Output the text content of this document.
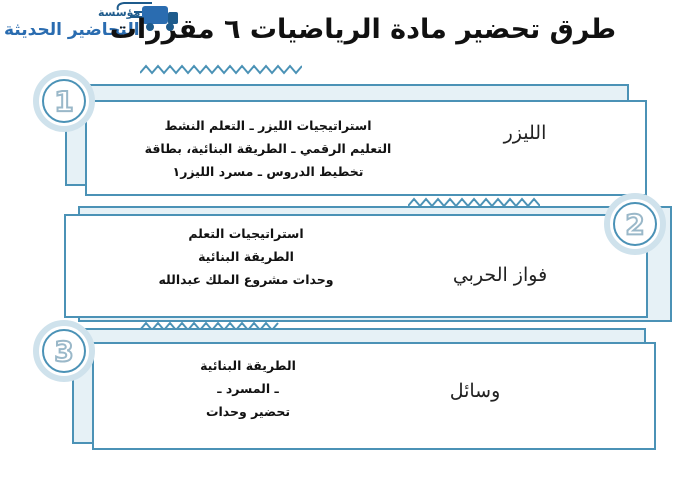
مؤسسة
التحاضير الحديثة
طرق تحضير مادة الرياضيات ٦ مقررات
1
الليزر
استراتيجيات الليزر ـ التعلم النشط
التعليم الرقمي ـ الطريقة البنائية، بطاقة
تخطيط الدروس ـ مسرد الليزر١
2
فواز الحربي
استراتيجيات التعلم
الطريقة البنائية
وحدات مشروع الملك عبدالله
3
وسائل
الطريقة البنائية
ـ المسرد ـ
تحضير وحدات
